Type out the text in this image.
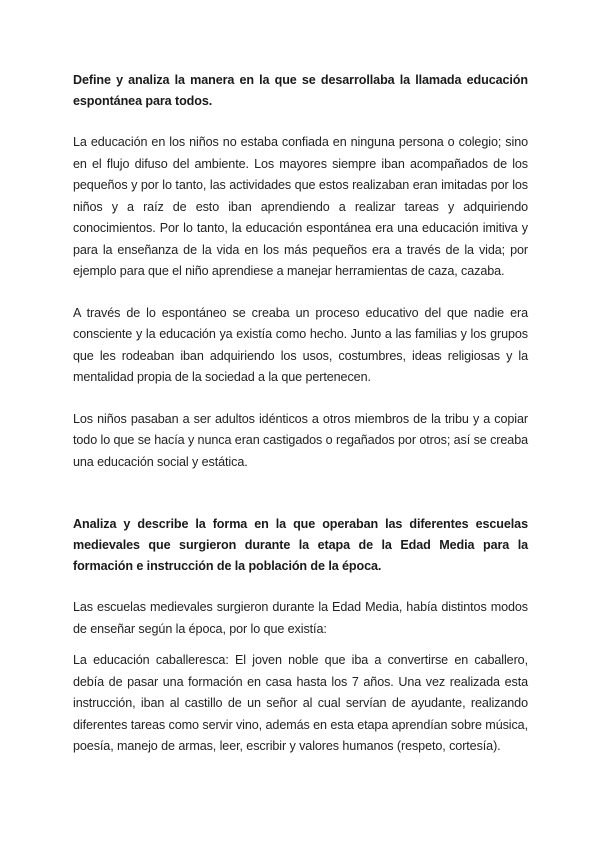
Define y analiza la manera en la que se desarrollaba la llamada educación espontánea para todos.

La educación en los niños no estaba confiada en ninguna persona o colegio; sino en el flujo difuso del ambiente. Los mayores siempre iban acompañados de los pequeños y por lo tanto, las actividades que estos realizaban eran imitadas por los niños y a raíz de esto iban aprendiendo a realizar tareas y adquiriendo conocimientos. Por lo tanto, la educación espontánea era una educación imitiva y para la enseñanza de la vida en los más pequeños era a través de la vida; por ejemplo para que el niño aprendiese a manejar herramientas de caza, cazaba.

A través de lo espontáneo se creaba un proceso educativo del que nadie era consciente y la educación ya existía como hecho. Junto a las familias y los grupos que les rodeaban iban adquiriendo los usos, costumbres, ideas religiosas y la mentalidad propia de la sociedad a la que pertenecen.

Los niños pasaban a ser adultos idénticos a otros miembros de la tribu y a copiar todo lo que se hacía y nunca eran castigados o regañados por otros; así se creaba una educación social y estática.

Analiza y describe la forma en la que operaban las diferentes escuelas medievales que surgieron durante la etapa de la Edad Media para la formación e instrucción de la población de la época.

Las escuelas medievales surgieron durante la Edad Media, había distintos modos de enseñar según la época, por lo que existía:

La educación caballeresca: El joven noble que iba a convertirse en caballero, debía de pasar una formación en casa hasta los 7 años. Una vez realizada esta instrucción, iban al castillo de un señor al cual servían de ayudante, realizando diferentes tareas como servir vino, además en esta etapa aprendían sobre música, poesía, manejo de armas, leer, escribir y valores humanos (respeto, cortesía).
